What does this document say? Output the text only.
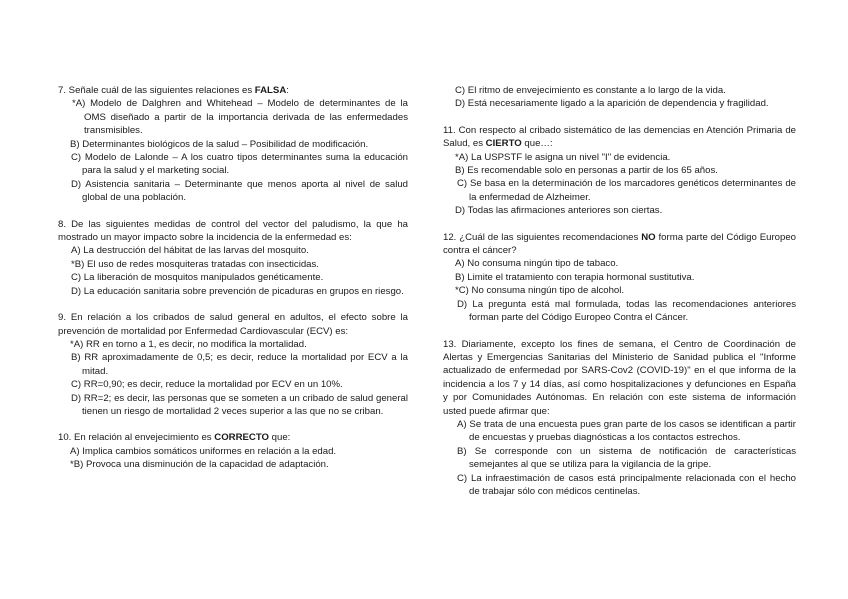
7. Señale cuál de las siguientes relaciones es FALSA:
*A) Modelo de Dalghren and Whitehead – Modelo de determinantes de la OMS diseñado a partir de la importancia derivada de las enfermedades transmisibles.
B) Determinantes biológicos de la salud – Posibilidad de modificación.
C) Modelo de Lalonde – A los cuatro tipos determinantes suma la educación para la salud y el marketing social.
D) Asistencia sanitaria – Determinante que menos aporta al nivel de salud global de una población.
8. De las siguientes medidas de control del vector del paludismo, la que ha mostrado un mayor impacto sobre la incidencia de la enfermedad es:
A) La destrucción del hábitat de las larvas del mosquito.
*B) El uso de redes mosquiteras tratadas con insecticidas.
C) La liberación de mosquitos manipulados genéticamente.
D) La educación sanitaria sobre prevención de picaduras en grupos en riesgo.
9. En relación a los cribados de salud general en adultos, el efecto sobre la prevención de mortalidad por Enfermedad Cardiovascular (ECV) es:
*A) RR en torno a 1, es decir, no modifica la mortalidad.
B) RR aproximadamente de 0,5; es decir, reduce la mortalidad por ECV a la mitad.
C) RR=0,90; es decir, reduce la mortalidad por ECV en un 10%.
D) RR=2; es decir, las personas que se someten a un cribado de salud general tienen un riesgo de mortalidad 2 veces superior a las que no se criban.
10. En relación al envejecimiento es CORRECTO que:
A) Implica cambios somáticos uniformes en relación a la edad.
*B) Provoca una disminución de la capacidad de adaptación.
C) El ritmo de envejecimiento es constante a lo largo de la vida.
D) Está necesariamente ligado a la aparición de dependencia y fragilidad.
11. Con respecto al cribado sistemático de las demencias en Atención Primaria de Salud, es CIERTO que…:
*A) La USPSTF le asigna un nivel "I" de evidencia.
B) Es recomendable solo en personas a partir de los 65 años.
C) Se basa en la determinación de los marcadores genéticos determinantes de la enfermedad de Alzheimer.
D) Todas las afirmaciones anteriores son ciertas.
12. ¿Cuál de las siguientes recomendaciones NO forma parte del Código Europeo contra el cáncer?
A) No consuma ningún tipo de tabaco.
B) Limite el tratamiento con terapia hormonal sustitutiva.
*C) No consuma ningún tipo de alcohol.
D) La pregunta está mal formulada, todas las recomendaciones anteriores forman parte del Código Europeo Contra el Cáncer.
13. Diariamente, excepto los fines de semana, el Centro de Coordinación de Alertas y Emergencias Sanitarias del Ministerio de Sanidad publica el "Informe actualizado de enfermedad por SARS-Cov2 (COVID-19)" en el que informa de la incidencia a los 7 y 14 días, así como hospitalizaciones y defunciones en España y por Comunidades Autónomas. En relación con este sistema de información usted puede afirmar que:
A) Se trata de una encuesta pues gran parte de los casos se identifican a partir de encuestas y pruebas diagnósticas a los contactos estrechos.
B) Se corresponde con un sistema de notificación de características semejantes al que se utiliza para la vigilancia de la gripe.
C) La infraestimación de casos está principalmente relacionada con el hecho de trabajar sólo con médicos centinelas.
